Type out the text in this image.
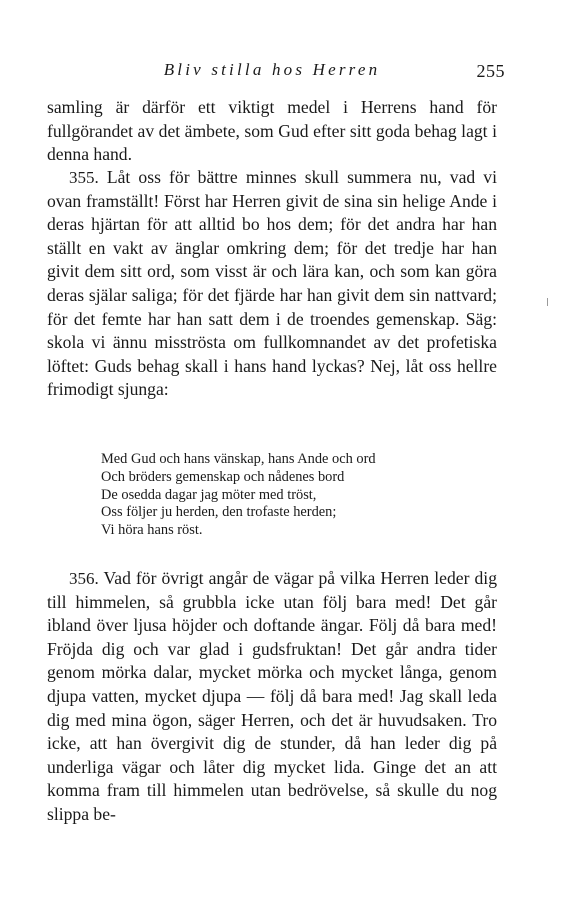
Bliv stilla hos Herren	255
samling är därför ett viktigt medel i Herrens hand för fullgörandet av det ämbete, som Gud efter sitt goda behag lagt i denna hand.
355. Låt oss för bättre minnes skull summera nu, vad vi ovan framställt! Först har Herren givit de sina sin helige Ande i deras hjärtan för att alltid bo hos dem; för det andra har han ställt en vakt av änglar omkring dem; för det tredje har han givit dem sitt ord, som visst är och lära kan, och som kan göra deras själar saliga; för det fjärde har han givit dem sin nattvard; för det femte har han satt dem i de troendes gemenskap. Säg: skola vi ännu misströsta om fullkomnandet av det profetiska löftet: Guds behag skall i hans hand lyckas? Nej, låt oss hellre frimodigt sjunga:
Med Gud och hans vänskap, hans Ande och ord
Och bröders gemenskap och nådenes bord
De osedda dagar jag möter med tröst,
Oss följer ju herden, den trofaste herden;
Vi höra hans röst.
356. Vad för övrigt angår de vägar på vilka Herren leder dig till himmelen, så grubbla icke utan följ bara med! Det går ibland över ljusa höjder och doftande ängar. Följ då bara med! Fröjda dig och var glad i gudsfruktan! Det går andra tider genom mörka dalar, mycket mörka och mycket långa, genom djupa vatten, mycket djupa — följ då bara med! Jag skall leda dig med mina ögon, säger Herren, och det är huvudsaken. Tro icke, att han övergivit dig de stunder, då han leder dig på underliga vägar och låter dig mycket lida. Ginge det an att komma fram till himmelen utan bedrövelse, så skulle du nog slippa be-
